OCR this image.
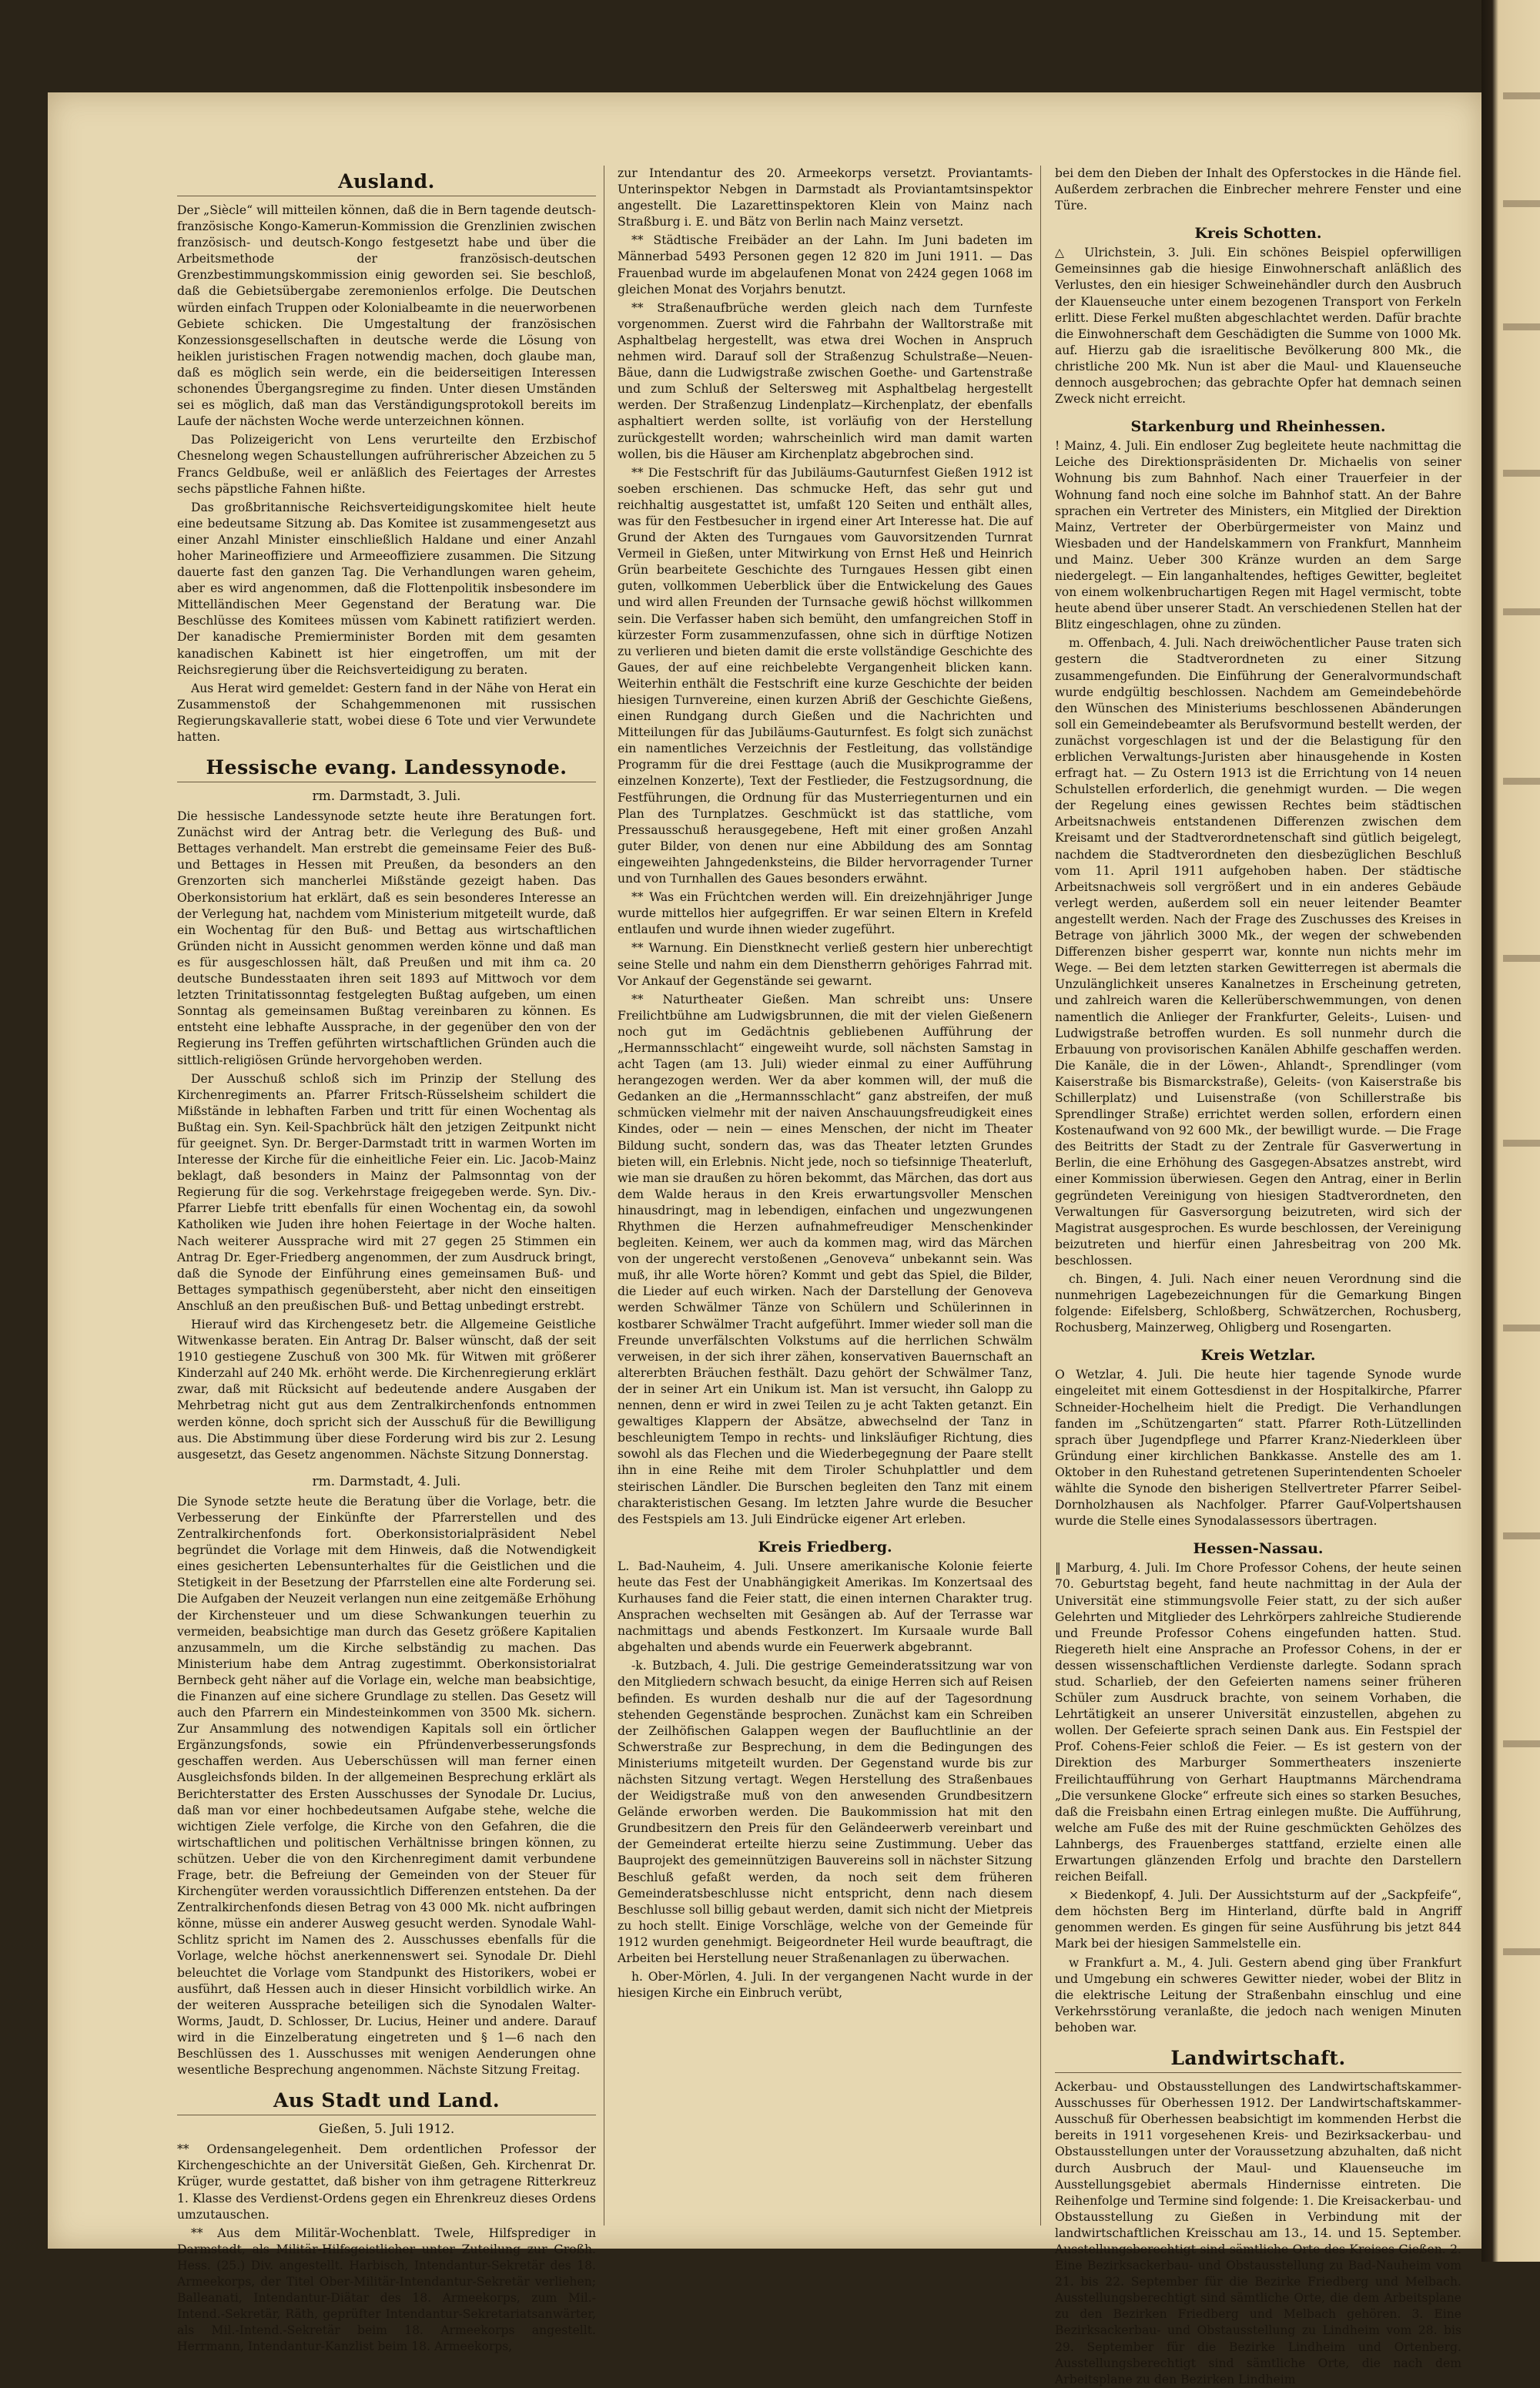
Ausland.

Der „Siècle“ will mitteilen können, daß die in Bern tagende deutsch-französische Kongo-Kamerun-Kommission die Grenzlinien zwischen französisch- und deutsch-Kongo festgesetzt habe und über die Arbeitsmethode der französisch-deutschen Grenzbestimmungskommission einig geworden sei. Sie beschloß, daß die Gebietsübergabe zeremonienlos erfolge. Die Deutschen würden einfach Truppen oder Kolonialbeamte in die neuerworbenen Gebiete schicken. Die Umgestaltung der französischen Konzessionsgesellschaften in deutsche werde die Lösung von heiklen juristischen Fragen notwendig machen, doch glaube man, daß es möglich sein werde, ein die beiderseitigen Interessen schonendes Übergangsregime zu finden. Unter diesen Umständen sei es möglich, daß man das Verständigungsprotokoll bereits im Laufe der nächsten Woche werde unterzeichnen können.

Das Polizeigericht von Lens verurteilte den Erzbischof Chesnelong wegen Schaustellungen aufrührerischer Abzeichen zu 5 Francs Geldbuße, weil er anläßlich des Feiertages der Arrestes sechs päpstliche Fahnen hißte.

Das großbritannische Reichsverteidigungskomitee hielt heute eine bedeutsame Sitzung ab. Das Komitee ist zusammengesetzt aus einer Anzahl Minister einschließlich Haldane und einer Anzahl hoher Marineoffiziere und Armeeoffiziere zusammen. Die Sitzung dauerte fast den ganzen Tag. Die Verhandlungen waren geheim, aber es wird angenommen, daß die Flottenpolitik insbesondere im Mittelländischen Meer Gegenstand der Beratung war. Die Beschlüsse des Komitees müssen vom Kabinett ratifiziert werden. Der kanadische Premierminister Borden mit dem gesamten kanadischen Kabinett ist hier eingetroffen, um mit der Reichsregierung über die Reichsverteidigung zu beraten.

Aus Herat wird gemeldet: Gestern fand in der Nähe von Herat ein Zusammenstoß der Schahgemmenonen mit russischen Regierungskavallerie statt, wobei diese 6 Tote und vier Verwundete hatten.

Hessische evang. Landessynode.
rm. Darmstadt, 3. Juli.

Die hessische Landessynode setzte heute ihre Beratungen fort. Zunächst wird der Antrag betr. die Verlegung des Buß- und Bettages verhandelt. Man erstrebt die gemeinsame Feier des Buß- und Bettages in Hessen mit Preußen, da besonders an den Grenzorten sich mancherlei Mißstände gezeigt haben. Das Oberkonsistorium hat erklärt, daß es sein besonderes Interesse an der Verlegung hat, nachdem vom Ministerium mitgeteilt wurde, daß ein Wochentag für den Buß- und Bettag aus wirtschaftlichen Gründen nicht in Aussicht genommen werden könne und daß man es für ausgeschlossen hält, daß Preußen und mit ihm ca. 20 deutsche Bundesstaaten ihren seit 1893 auf Mittwoch vor dem letzten Trinitatissonntag festgelegten Bußtag aufgeben, um einen Sonntag als gemeinsamen Bußtag vereinbaren zu können. Es entsteht eine lebhafte Aussprache, in der gegenüber den von der Regierung ins Treffen geführten wirtschaftlichen Gründen auch die sittlich-religiösen Gründe hervorgehoben werden.

Der Ausschuß schloß sich im Prinzip der Stellung des Kirchenregiments an. Pfarrer Fritsch-Rüsselsheim schildert die Mißstände in lebhaften Farben und tritt für einen Wochentag als Bußtag ein. Syn. Keil-Spachbrück hält den jetzigen Zeitpunkt nicht für geeignet. Syn. Dr. Berger-Darmstadt tritt in warmen Worten im Interesse der Kirche für die einheitliche Feier ein. Lic. Jacob-Mainz beklagt, daß besonders in Mainz der Palmsonntag von der Regierung für die sog. Verkehrstage freigegeben werde. Syn. Div.-Pfarrer Liebfe tritt ebenfalls für einen Wochentag ein, da sowohl Katholiken wie Juden ihre hohen Feiertage in der Woche halten. Nach weiterer Aussprache wird mit 27 gegen 25 Stimmen ein Antrag Dr. Eger-Friedberg angenommen, der zum Ausdruck bringt, daß die Synode der Einführung eines gemeinsamen Buß- und Bettages sympathisch gegenübersteht, aber nicht den einseitigen Anschluß an den preußischen Buß- und Bettag unbedingt erstrebt.

Hierauf wird das Kirchengesetz betr. die Allgemeine Geistliche Witwenkasse beraten. Ein Antrag Dr. Balser wünscht, daß der seit 1910 gestiegene Zuschuß von 300 Mk. für Witwen mit größerer Kinderzahl auf 240 Mk. erhöht werde. Die Kirchenregierung erklärt zwar, daß mit Rücksicht auf bedeutende andere Ausgaben der Mehrbetrag nicht gut aus dem Zentralkirchenfonds entnommen werden könne, doch spricht sich der Ausschuß für die Bewilligung aus. Die Abstimmung über diese Forderung wird bis zur 2. Lesung ausgesetzt, das Gesetz angenommen. Nächste Sitzung Donnerstag.

rm. Darmstadt, 4. Juli.

Die Synode setzte heute die Beratung über die Vorlage, betr. die Verbesserung der Einkünfte der Pfarrerstellen und des Zentralkirchenfonds fort. Oberkonsistorialpräsident Nebel begründet die Vorlage mit dem Hinweis, daß die Notwendigkeit eines gesicherten Lebensunterhaltes für die Geistlichen und die Stetigkeit in der Besetzung der Pfarrstellen eine alte Forderung sei. Die Aufgaben der Neuzeit verlangen nun eine zeitgemäße Erhöhung der Kirchensteuer und um diese Schwankungen teuerhin zu vermeiden, beabsichtige man durch das Gesetz größere Kapitalien anzusammeln, um die Kirche selbständig zu machen. Das Ministerium habe dem Antrag zugestimmt. Oberkonsistorialrat Bernbeck geht näher auf die Vorlage ein, welche man beabsichtige, die Finanzen auf eine sichere Grundlage zu stellen. Das Gesetz will auch den Pfarrern ein Mindesteinkommen von 3500 Mk. sichern. Zur Ansammlung des notwendigen Kapitals soll ein örtlicher Ergänzungsfonds, sowie ein Pfründenverbesserungsfonds geschaffen werden. Aus Ueberschüssen will man ferner einen Ausgleichsfonds bilden. In der allgemeinen Besprechung erklärt als Berichterstatter des Ersten Ausschusses der Synodale Dr. Lucius, daß man vor einer hochbedeutsamen Aufgabe stehe, welche die wichtigen Ziele verfolge, die Kirche von den Gefahren, die die wirtschaftlichen und politischen Verhältnisse bringen können, zu schützen. Ueber die von den Kirchenregiment damit verbundene Frage, betr. die Befreiung der Gemeinden von der Steuer für Kirchengüter werden voraussichtlich Differenzen entstehen. Da der Zentralkirchenfonds diesen Betrag von 43 000 Mk. nicht aufbringen könne, müsse ein anderer Ausweg gesucht werden. Synodale Wahl-Schlitz spricht im Namen des 2. Ausschusses ebenfalls für die Vorlage, welche höchst anerkennenswert sei. Synodale Dr. Diehl beleuchtet die Vorlage vom Standpunkt des Historikers, wobei er ausführt, daß Hessen auch in dieser Hinsicht vorbildlich wirke. An der weiteren Aussprache beteiligen sich die Synodalen Walter-Worms, Jaudt, D. Schlosser, Dr. Lucius, Heiner und andere. Darauf wird in die Einzelberatung eingetreten und § 1—6 nach den Beschlüssen des 1. Ausschusses mit wenigen Aenderungen ohne wesentliche Besprechung angenommen. Nächste Sitzung Freitag.

Aus Stadt und Land.
Gießen, 5. Juli 1912.

** Ordensangelegenheit. Dem ordentlichen Professor der Kirchengeschichte an der Universität Gießen, Geh. Kirchenrat Dr. Krüger, wurde gestattet, daß bisher von ihm getragene Ritterkreuz 1. Klasse des Verdienst-Ordens gegen ein Ehrenkreuz dieses Ordens umzutauschen.

** Aus dem Militär-Wochenblatt. Twele, Hilfsprediger in Darmstadt, als Militär-Hilfsgeistlicher unter Zuteilung zur Großh. Hess. (25.) Div. angestellt. Harbisch, Intendantur-Sekretär des 18. Armeekorps, der Titel Ober-Militär-Intendantur-Sekretär verliehen; Balleanati, Intendantur-Diätar des 18. Armeekorps, zum Mil.-Intend.-Sekretär, Räth, geprüfter Intendantur-Sekretariatsanwärter, als Mil.-Intend.-Sekretär beim 18. Armeekorps angestellt. Herrmann, Intendantur-Kanzlist beim 18. Armeekorps,

zur Intendantur des 20. Armeekorps versetzt. Proviantamts-Unterinspektor Nebgen in Darmstadt als Proviantamtsinspektor angestellt. Die Lazarettinspektoren Klein von Mainz nach Straßburg i. E. und Bätz von Berlin nach Mainz versetzt.

** Städtische Freibäder an der Lahn. Im Juni badeten im Männerbad 5493 Personen gegen 12 820 im Juni 1911. — Das Frauenbad wurde im abgelaufenen Monat von 2424 gegen 1068 im gleichen Monat des Vorjahrs benutzt.

** Straßenaufbrüche werden gleich nach dem Turnfeste vorgenommen. Zuerst wird die Fahrbahn der Walltorstraße mit Asphaltbelag hergestellt, was etwa drei Wochen in Anspruch nehmen wird. Darauf soll der Straßenzug Schulstraße—Neuen-Bäue, dann die Ludwigstraße zwischen Goethe- und Gartenstraße und zum Schluß der Seltersweg mit Asphaltbelag hergestellt werden. Der Straßenzug Lindenplatz—Kirchenplatz, der ebenfalls asphaltiert werden sollte, ist vorläufig von der Herstellung zurückgestellt worden; wahrscheinlich wird man damit warten wollen, bis die Häuser am Kirchenplatz abgebrochen sind.

** Die Festschrift für das Jubiläums-Gauturnfest Gießen 1912 ist soeben erschienen. Das schmucke Heft, das sehr gut und reichhaltig ausgestattet ist, umfaßt 120 Seiten und enthält alles, was für den Festbesucher in irgend einer Art Interesse hat. Die auf Grund der Akten des Turngaues vom Gauvorsitzenden Turnrat Vermeil in Gießen, unter Mitwirkung von Ernst Heß und Heinrich Grün bearbeitete Geschichte des Turngaues Hessen gibt einen guten, vollkommen Ueberblick über die Entwickelung des Gaues und wird allen Freunden der Turnsache gewiß höchst willkommen sein. Die Verfasser haben sich bemüht, den umfangreichen Stoff in kürzester Form zusammenzufassen, ohne sich in dürftige Notizen zu verlieren und bieten damit die erste vollständige Geschichte des Gaues, der auf eine reichbelebte Vergangenheit blicken kann. Weiterhin enthält die Festschrift eine kurze Geschichte der beiden hiesigen Turnvereine, einen kurzen Abriß der Geschichte Gießens, einen Rundgang durch Gießen und die Nachrichten und Mitteilungen für das Jubiläums-Gauturnfest. Es folgt sich zunächst ein namentliches Verzeichnis der Festleitung, das vollständige Programm für die drei Festtage (auch die Musikprogramme der einzelnen Konzerte), Text der Festlieder, die Festzugsordnung, die Festführungen, die Ordnung für das Musterriegenturnen und ein Plan des Turnplatzes. Geschmückt ist das stattliche, vom Pressausschuß herausgegebene, Heft mit einer großen Anzahl guter Bilder, von denen nur eine Abbildung des am Sonntag eingeweihten Jahngedenksteins, die Bilder hervorragender Turner und von Turnhallen des Gaues besonders erwähnt.

** Was ein Früchtchen werden will. Ein dreizehnjähriger Junge wurde mittellos hier aufgegriffen. Er war seinen Eltern in Krefeld entlaufen und wurde ihnen wieder zugeführt.

** Warnung. Ein Dienstknecht verließ gestern hier unberechtigt seine Stelle und nahm ein dem Dienstherrn gehöriges Fahrrad mit. Vor Ankauf der Gegenstände sei gewarnt.

** Naturtheater Gießen. Man schreibt uns: Unsere Freilichtbühne am Ludwigsbrunnen, die mit der vielen Gießenern noch gut im Gedächtnis gebliebenen Aufführung der „Hermannsschlacht“ eingeweiht wurde, soll nächsten Samstag in acht Tagen (am 13. Juli) wieder einmal zu einer Aufführung herangezogen werden. Wer da aber kommen will, der muß die Gedanken an die „Hermannsschlacht“ ganz abstreifen, der muß schmücken vielmehr mit der naiven Anschauungsfreudigkeit eines Kindes, oder — nein — eines Menschen, der nicht im Theater Bildung sucht, sondern das, was das Theater letzten Grundes bieten will, ein Erlebnis. Nicht jede, noch so tiefsinnige Theaterluft, wie man sie draußen zu hören bekommt, das Märchen, das dort aus dem Walde heraus in den Kreis erwartungsvoller Menschen hinausdringt, mag in lebendigen, einfachen und ungezwungenen Rhythmen die Herzen aufnahmefreudiger Menschenkinder begleiten. Keinem, wer auch da kommen mag, wird das Märchen von der ungerecht verstoßenen „Genoveva“ unbekannt sein. Was muß, ihr alle Worte hören? Kommt und gebt das Spiel, die Bilder, die Lieder auf euch wirken. Nach der Darstellung der Genoveva werden Schwälmer Tänze von Schülern und Schülerinnen in kostbarer Schwälmer Tracht aufgeführt. Immer wieder soll man die Freunde unverfälschten Volkstums auf die herrlichen Schwälm verweisen, in der sich ihrer zähen, konservativen Bauernschaft an altererbten Bräuchen festhält. Dazu gehört der Schwälmer Tanz, der in seiner Art ein Unikum ist. Man ist versucht, ihn Galopp zu nennen, denn er wird in zwei Teilen zu je acht Takten getanzt. Ein gewaltiges Klappern der Absätze, abwechselnd der Tanz in beschleunigtem Tempo in rechts- und linksläufiger Richtung, dies sowohl als das Flechen und die Wiederbegegnung der Paare stellt ihn in eine Reihe mit dem Tiroler Schuhplattler und dem steirischen Ländler. Die Burschen begleiten den Tanz mit einem charakteristischen Gesang. Im letzten Jahre wurde die Besucher des Festspiels am 13. Juli Eindrücke eigener Art erleben.

Kreis Friedberg.

L. Bad-Nauheim, 4. Juli. Unsere amerikanische Kolonie feierte heute das Fest der Unabhängigkeit Amerikas. Im Konzertsaal des Kurhauses fand die Feier statt, die einen internen Charakter trug. Ansprachen wechselten mit Gesängen ab. Auf der Terrasse war nachmittags und abends Festkonzert. Im Kursaale wurde Ball abgehalten und abends wurde ein Feuerwerk abgebrannt.

-k. Butzbach, 4. Juli. Die gestrige Gemeinderatssitzung war von den Mitgliedern schwach besucht, da einige Herren sich auf Reisen befinden. Es wurden deshalb nur die auf der Tagesordnung stehenden Gegenstände besprochen. Zunächst kam ein Schreiben der Zeilhöfischen Galappen wegen der Baufluchtlinie an der Schwerstraße zur Besprechung, in dem die Bedingungen des Ministeriums mitgeteilt wurden. Der Gegenstand wurde bis zur nächsten Sitzung vertagt. Wegen Herstellung des Straßenbaues der Weidigstraße muß von den anwesenden Grundbesitzern Gelände erworben werden. Die Baukommission hat mit den Grundbesitzern den Preis für den Geländeerwerb vereinbart und der Gemeinderat erteilte hierzu seine Zustimmung. Ueber das Bauprojekt des gemeinnützigen Bauvereins soll in nächster Sitzung Beschluß gefaßt werden, da noch seit dem früheren Gemeinderatsbeschlusse nicht entspricht, denn nach diesem Beschlusse soll billig gebaut werden, damit sich nicht der Mietpreis zu hoch stellt. Einige Vorschläge, welche von der Gemeinde für 1912 wurden genehmigt. Beigeordneter Heil wurde beauftragt, die Arbeiten bei Herstellung neuer Straßenanlagen zu überwachen.

h. Ober-Mörlen, 4. Juli. In der vergangenen Nacht wurde in der hiesigen Kirche ein Einbruch verübt,

bei dem den Dieben der Inhalt des Opferstockes in die Hände fiel. Außerdem zerbrachen die Einbrecher mehrere Fenster und eine Türe.

Kreis Schotten.

△ Ulrichstein, 3. Juli. Ein schönes Beispiel opferwilligen Gemeinsinnes gab die hiesige Einwohnerschaft anläßlich des Verlustes, den ein hiesiger Schweinehändler durch den Ausbruch der Klauenseuche unter einem bezogenen Transport von Ferkeln erlitt. Diese Ferkel mußten abgeschlachtet werden. Dafür brachte die Einwohnerschaft dem Geschädigten die Summe von 1000 Mk. auf. Hierzu gab die israelitische Bevölkerung 800 Mk., die christliche 200 Mk. Nun ist aber die Maul- und Klauenseuche dennoch ausgebrochen; das gebrachte Opfer hat demnach seinen Zweck nicht erreicht.

Starkenburg und Rheinhessen.

! Mainz, 4. Juli. Ein endloser Zug begleitete heute nachmittag die Leiche des Direktionspräsidenten Dr. Michaelis von seiner Wohnung bis zum Bahnhof. Nach einer Trauerfeier in der Wohnung fand noch eine solche im Bahnhof statt. An der Bahre sprachen ein Vertreter des Ministers, ein Mitglied der Direktion Mainz, Vertreter der Oberbürgermeister von Mainz und Wiesbaden und der Handelskammern von Frankfurt, Mannheim und Mainz. Ueber 300 Kränze wurden an dem Sarge niedergelegt. — Ein langanhaltendes, heftiges Gewitter, begleitet von einem wolkenbruchartigen Regen mit Hagel vermischt, tobte heute abend über unserer Stadt. An verschiedenen Stellen hat der Blitz eingeschlagen, ohne zu zünden.

m. Offenbach, 4. Juli. Nach dreiwöchentlicher Pause traten sich gestern die Stadtverordneten zu einer Sitzung zusammengefunden. Die Einführung der Generalvormundschaft wurde endgültig beschlossen. Nachdem am Gemeindebehörde den Wünschen des Ministeriums beschlossenen Abänderungen soll ein Gemeindebeamter als Berufsvormund bestellt werden, der zunächst vorgeschlagen ist und der die Belastigung für den erblichen Verwaltungs-Juristen aber hinausgehende in Kosten erfragt hat. — Zu Ostern 1913 ist die Errichtung von 14 neuen Schulstellen erforderlich, die genehmigt wurden. — Die wegen der Regelung eines gewissen Rechtes beim städtischen Arbeitsnachweis entstandenen Differenzen zwischen dem Kreisamt und der Stadtverordnetenschaft sind gütlich beigelegt, nachdem die Stadtverordneten den diesbezüglichen Beschluß vom 11. April 1911 aufgehoben haben. Der städtische Arbeitsnachweis soll vergrößert und in ein anderes Gebäude verlegt werden, außerdem soll ein neuer leitender Beamter angestellt werden. Nach der Frage des Zuschusses des Kreises in Betrage von jährlich 3000 Mk., der wegen der schwebenden Differenzen bisher gesperrt war, konnte nun nichts mehr im Wege. — Bei dem letzten starken Gewitterregen ist abermals die Unzulänglichkeit unseres Kanalnetzes in Erscheinung getreten, und zahlreich waren die Kellerüberschwemmungen, von denen namentlich die Anlieger der Frankfurter, Geleits-, Luisen- und Ludwigstraße betroffen wurden. Es soll nunmehr durch die Erbauung von provisorischen Kanälen Abhilfe geschaffen werden. Die Kanäle, die in der Löwen-, Ahlandt-, Sprendlinger (vom Kaiserstraße bis Bismarckstraße), Geleits- (von Kaiserstraße bis Schillerplatz) und Luisenstraße (von Schillerstraße bis Sprendlinger Straße) errichtet werden sollen, erfordern einen Kostenaufwand von 92 600 Mk., der bewilligt wurde. — Die Frage des Beitritts der Stadt zu der Zentrale für Gasverwertung in Berlin, die eine Erhöhung des Gasgegen-Absatzes anstrebt, wird einer Kommission überwiesen. Gegen den Antrag, einer in Berlin gegründeten Vereinigung von hiesigen Stadtverordneten, den Verwaltungen für Gasversorgung beizutreten, wird sich der Magistrat ausgesprochen. Es wurde beschlossen, der Vereinigung beizutreten und hierfür einen Jahresbeitrag von 200 Mk. beschlossen.

ch. Bingen, 4. Juli. Nach einer neuen Verordnung sind die nunmehrigen Lagebezeichnungen für die Gemarkung Bingen folgende: Eifelsberg, Schloßberg, Schwätzerchen, Rochusberg, Rochusberg, Mainzerweg, Ohligberg und Rosengarten.

Kreis Wetzlar.

O Wetzlar, 4. Juli. Die heute hier tagende Synode wurde eingeleitet mit einem Gottesdienst in der Hospitalkirche, Pfarrer Schneider-Hochelheim hielt die Predigt. Die Verhandlungen fanden im „Schützengarten“ statt. Pfarrer Roth-Lützellinden sprach über Jugendpflege und Pfarrer Kranz-Niederkleen über Gründung einer kirchlichen Bankkasse. Anstelle des am 1. Oktober in den Ruhestand getretenen Superintendenten Schoeler wählte die Synode den bisherigen Stellvertreter Pfarrer Seibel-Dornholzhausen als Nachfolger. Pfarrer Gauf-Volpertshausen wurde die Stelle eines Synodalassessors übertragen.

Hessen-Nassau.

‖ Marburg, 4. Juli. Im Chore Professor Cohens, der heute seinen 70. Geburtstag begeht, fand heute nachmittag in der Aula der Universität eine stimmungsvolle Feier statt, zu der sich außer Gelehrten und Mitglieder des Lehrkörpers zahlreiche Studierende und Freunde Professor Cohens eingefunden hatten. Stud. Riegereth hielt eine Ansprache an Professor Cohens, in der er dessen wissenschaftlichen Verdienste darlegte. Sodann sprach stud. Scharlieb, der den Gefeierten namens seiner früheren Schüler zum Ausdruck brachte, von seinem Vorhaben, die Lehrtätigkeit an unserer Universität einzustellen, abgehen zu wollen. Der Gefeierte sprach seinen Dank aus. Ein Festspiel der Prof. Cohens-Feier schloß die Feier. — Es ist gestern von der Direktion des Marburger Sommertheaters inszenierte Freilichtaufführung von Gerhart Hauptmanns Märchendrama „Die versunkene Glocke“ erfreute sich eines so starken Besuches, daß die Freisbahn einen Ertrag einlegen mußte. Die Aufführung, welche am Fuße des mit der Ruine geschmückten Gehölzes des Lahnbergs, des Frauenberges stattfand, erzielte einen alle Erwartungen glänzenden Erfolg und brachte den Darstellern reichen Beifall.

× Biedenkopf, 4. Juli. Der Aussichtsturm auf der „Sackpfeife“, dem höchsten Berg im Hinterland, dürfte bald in Angriff genommen werden. Es gingen für seine Ausführung bis jetzt 844 Mark bei der hiesigen Sammelstelle ein.

w Frankfurt a. M., 4. Juli. Gestern abend ging über Frankfurt und Umgebung ein schweres Gewitter nieder, wobei der Blitz in die elektrische Leitung der Straßenbahn einschlug und eine Verkehrsstörung veranlaßte, die jedoch nach wenigen Minuten behoben war.

Landwirtschaft.

Ackerbau- und Obstausstellungen des Landwirtschaftskammer-Ausschusses für Oberhessen 1912. Der Landwirtschaftskammer-Ausschuß für Oberhessen beabsichtigt im kommenden Herbst die bereits in 1911 vorgesehenen Kreis- und Bezirksackerbau- und Obstausstellungen unter der Voraussetzung abzuhalten, daß nicht durch Ausbruch der Maul- und Klauenseuche im Ausstellungsgebiet abermals Hindernisse eintreten. Die Reihenfolge und Termine sind folgende: 1. Die Kreisackerbau- und Obstausstellung zu Gießen in Verbindung mit der landwirtschaftlichen Kreisschau am 13., 14. und 15. September. Ausstellungsberechtigt sind sämtliche Orte des Kreises Gießen. 2. Eine Bezirksackerbau- und Obstausstellung zu Bad-Nauheim vom 21. bis 22. September für die Bezirke Friedberg und Melbach. Ausstellungsberechtigt sind sämtliche Orte, die dem Arbeitsplane zu den Bezirken Friedberg und Melbach gehören. 3. Eine Bezirksackerbau- und Obstausstellung zu Lindheim vom 28. bis 29. September für die Bezirke Lindheim und Ortenberg. Ausstellungsberechtigt sind sämtliche Orte, die nach dem Arbeitsplane zu den Bezirken Lindheim
